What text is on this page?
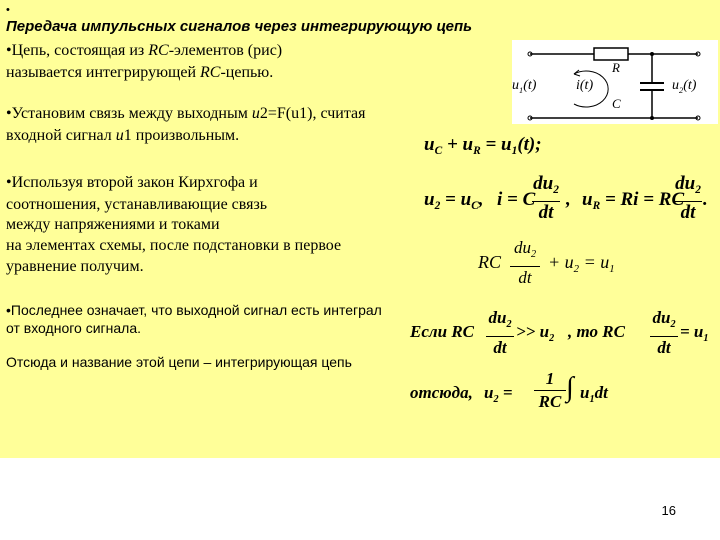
•
Передача импульсных сигналов через интегрирующую цепь
•Цепь, состоящая из RC-элементов (рис)
называется интегрирующей RC-цепью.
•Установим связь между выходным u2=F(u1), считая
входной сигнал u1 произвольным.
•Используя второй закон Кирхгофа и
соотношения, устанавливающие связь
между напряжениями и токами
на элементах схемы, после подстановки в первое
уравнение получим.
•Последнее означает, что выходной сигнал есть интеграл
от входного сигнала.
Отсюда и название этой цепи – интегрирующая цепь
R
C
$u_1(t)$	i(t)	$u_2(t)$
$u_C + u_R = u_1(t)$;
$u_2 = u_C$, i = C
$du_2$
dt
, $u_R = Ri$ = RC
$du_2$
dt
.
RC
$du_2$
dt
+ $u_2 = u_1$
Если RC
$du_2$
dt
>> $u_2$ , то RC
$du_2$
dt
= $u_1$
отсюда, $u_2$ =
1
RC ∫ $u_1dt$
16
